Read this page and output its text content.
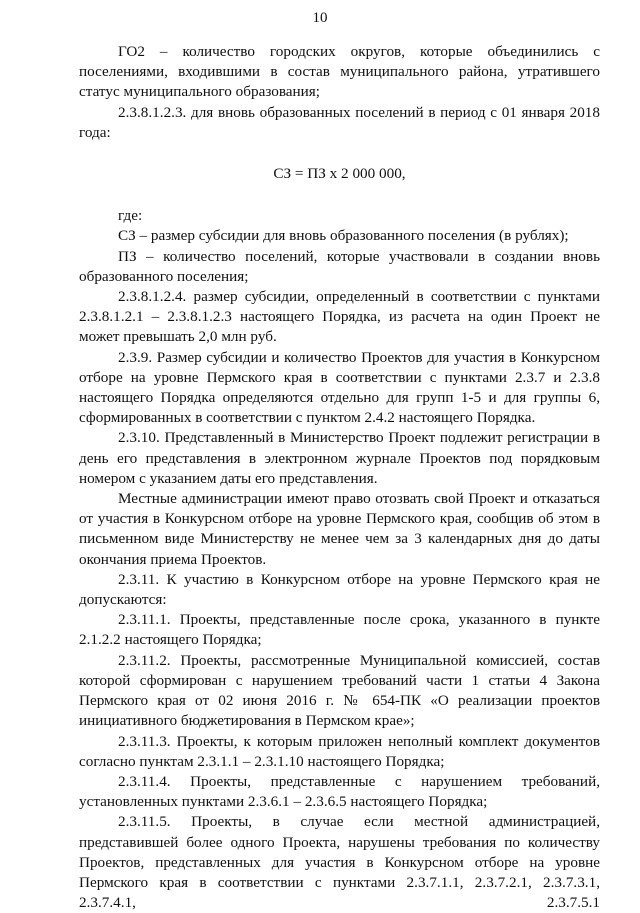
10

ГО2 – количество городских округов, которые объединились с поселениями, входившими в состав муниципального района, утратившего статус муниципального образования;

2.3.8.1.2.3. для вновь образованных поселений в период с 01 января 2018 года:

СЗ = ПЗ х 2 000 000,

где:

СЗ – размер субсидии для вновь образованного поселения (в рублях);

ПЗ – количество поселений, которые участвовали в создании вновь образованного поселения;

2.3.8.1.2.4. размер субсидии, определенный в соответствии с пунктами 2.3.8.1.2.1 – 2.3.8.1.2.3 настоящего Порядка, из расчета на один Проект не может превышать 2,0 млн руб.

2.3.9. Размер субсидии и количество Проектов для участия в Конкурсном отборе на уровне Пермского края в соответствии с пунктами 2.3.7 и 2.3.8 настоящего Порядка определяются отдельно для групп 1-5 и для группы 6, сформированных в соответствии с пунктом 2.4.2 настоящего Порядка.

2.3.10. Представленный в Министерство Проект подлежит регистрации в день его представления в электронном журнале Проектов под порядковым номером с указанием даты его представления.

Местные администрации имеют право отозвать свой Проект и отказаться от участия в Конкурсном отборе на уровне Пермского края, сообщив об этом в письменном виде Министерству не менее чем за 3 календарных дня до даты окончания приема Проектов.

2.3.11. К участию в Конкурсном отборе на уровне Пермского края не допускаются:

2.3.11.1. Проекты, представленные после срока, указанного в пункте 2.1.2.2 настоящего Порядка;

2.3.11.2. Проекты, рассмотренные Муниципальной комиссией, состав которой сформирован с нарушением требований части 1 статьи 4 Закона Пермского края от 02 июня 2016 г. № 654-ПК «О реализации проектов инициативного бюджетирования в Пермском крае»;

2.3.11.3. Проекты, к которым приложен неполный комплект документов согласно пунктам 2.3.1.1 – 2.3.1.10 настоящего Порядка;

2.3.11.4. Проекты, представленные с нарушением требований, установленных пунктами 2.3.6.1 – 2.3.6.5 настоящего Порядка;

2.3.11.5. Проекты, в случае если местной администрацией, представившей более одного Проекта, нарушены требования по количеству Проектов, представленных для участия в Конкурсном отборе на уровне Пермского края в соответствии с пунктами 2.3.7.1.1, 2.3.7.2.1, 2.3.7.3.1, 2.3.7.4.1, 2.3.7.5.1
